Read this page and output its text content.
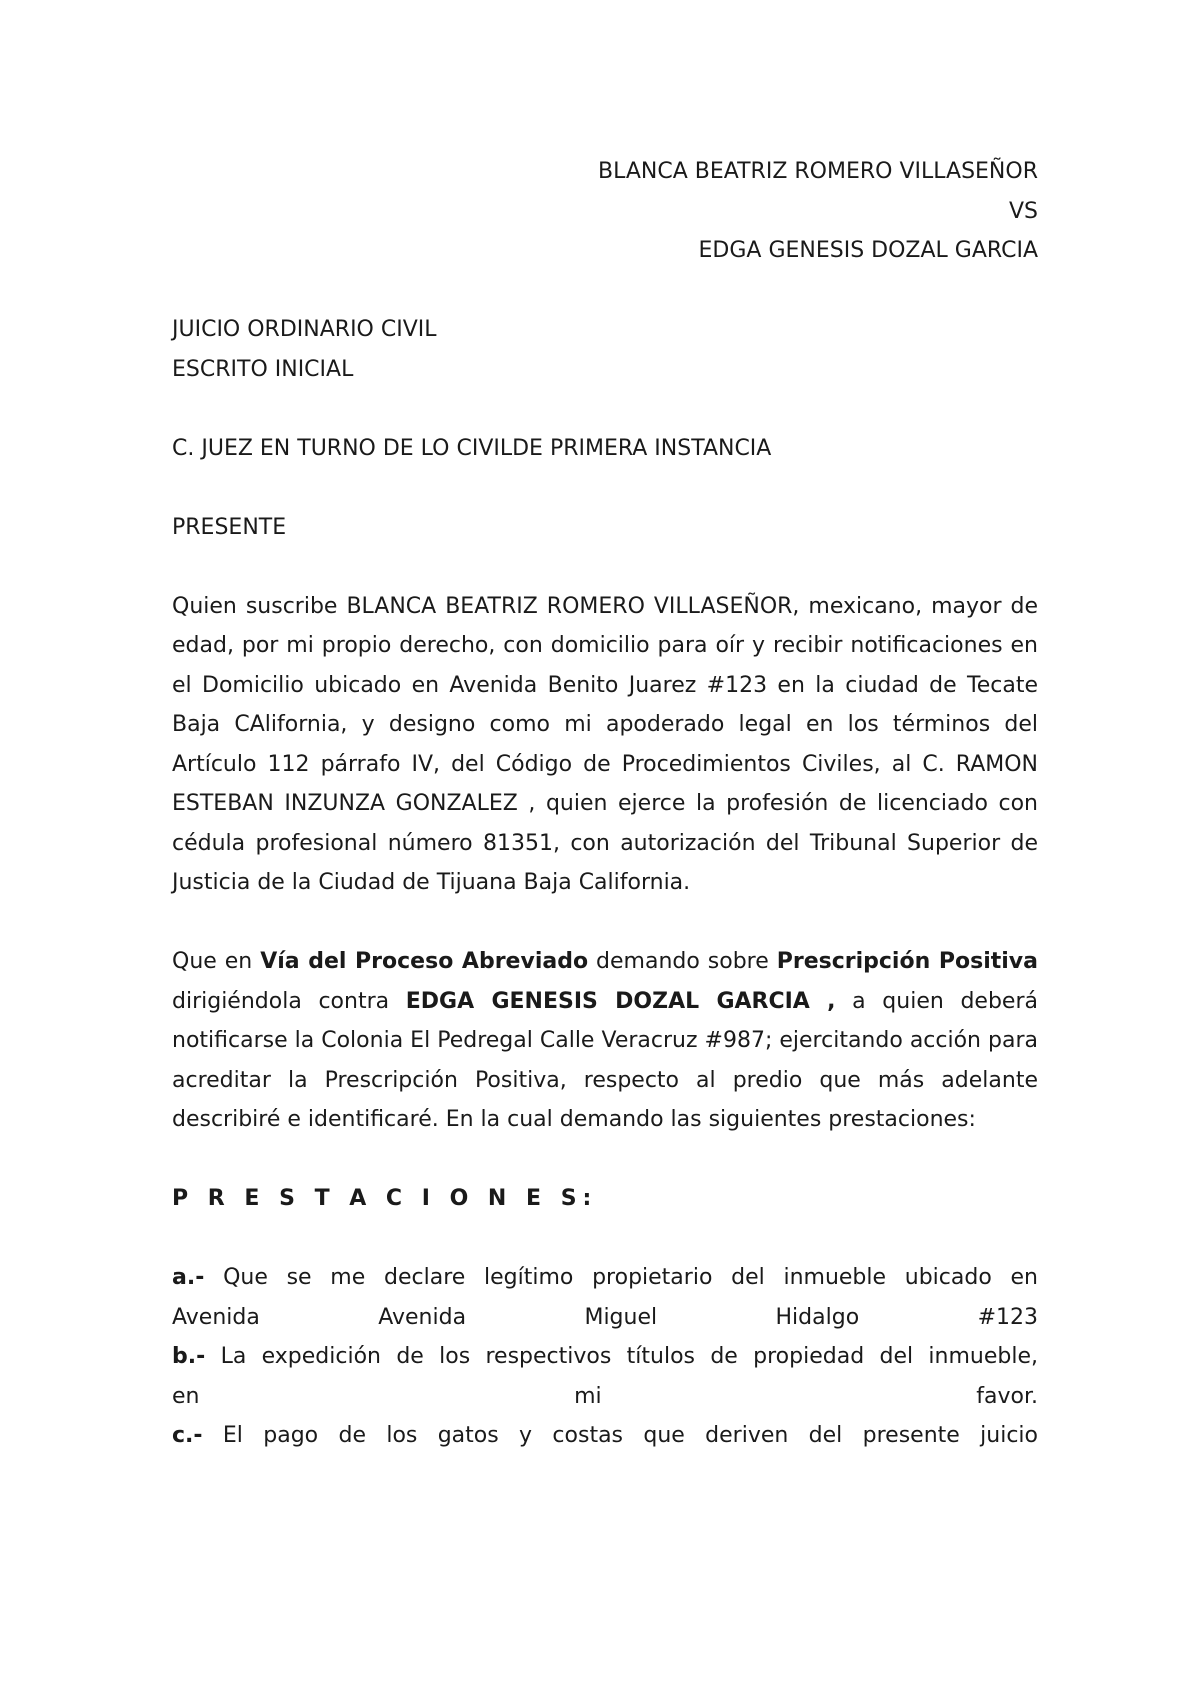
BLANCA BEATRIZ ROMERO VILLASEÑOR
VS
EDGA GENESIS DOZAL GARCIA
JUICIO ORDINARIO CIVIL
ESCRITO INICIAL
C. JUEZ EN TURNO DE LO CIVILDE PRIMERA INSTANCIA
PRESENTE

Quien suscribe BLANCA BEATRIZ ROMERO VILLASEÑOR, mexicano, mayor de edad, por mi propio derecho, con domicilio para oír y recibir notificaciones en el Domicilio ubicado en Avenida Benito Juarez #123 en la ciudad de Tecate Baja CAlifornia, y designo como mi apoderado legal en los términos del Artículo 112 párrafo IV, del Código de Procedimientos Civiles, al C. RAMON ESTEBAN INZUNZA GONZALEZ , quien ejerce la profesión de licenciado con cédula profesional número 81351, con autorización del Tribunal Superior de Justicia de la Ciudad de Tijuana Baja California.

Que en Vía del Proceso Abreviado demando sobre Prescripción Positiva dirigiéndola contra EDGA GENESIS DOZAL GARCIA , a quien deberá notificarse la Colonia El Pedregal Calle Veracruz #987; ejercitando acción para acreditar la Prescripción Positiva, respecto al predio que más adelante describiré e identificaré. En la cual demando las siguientes prestaciones:

P R E S T A C I O N E S:
a.- Que se me declare legítimo propietario del inmueble ubicado en
Avenida Avenida Miguel Hidalgo #123
b.- La expedición de los respectivos títulos de propiedad del inmueble,
en mi favor.
c.- El pago de los gatos y costas que deriven del presente juicio
